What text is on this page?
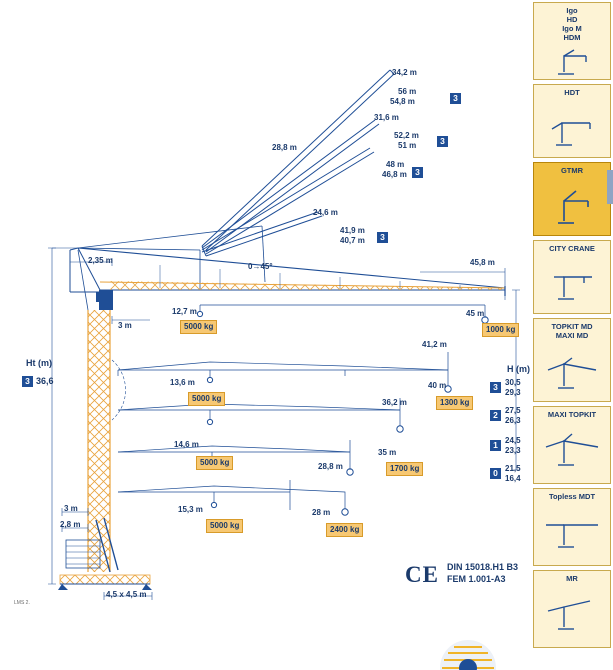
34,2 m
56 m
54,8 m	3
31,6 m
52,2 m
51 m	3
28,8 m
48 m
46,8 m 3
24,6 m
41,9 m
40,7 m	3
2,35 m
0→45°	45,8 m
3 m
3 m
2,8 m
4,5 x 4,5 m
LMS 2.
Ht (m)
3 36,6
H (m)
12,7 m
5000 kg
45 m
1000 kg
41,2 m
13,6 m
5000 kg
40 m
1300 kg
36,2 m
14,6 m
5000 kg
35 m
1700 kg
28,8 m
15,3 m
5000 kg
28 m
2400 kg
3 30,5
29,3
2 27,5
26,3
1 24,5
23,3
0 21,5
16,4
CE DIN 15018.H1 B3
FEM 1.001-A3
Igo
HD
Igo M
HDM
HDT
GTMR
CITY CRANE
TOPKIT MD
MAXI MD
MAXI TOPKIT
Topless MDT
MR
